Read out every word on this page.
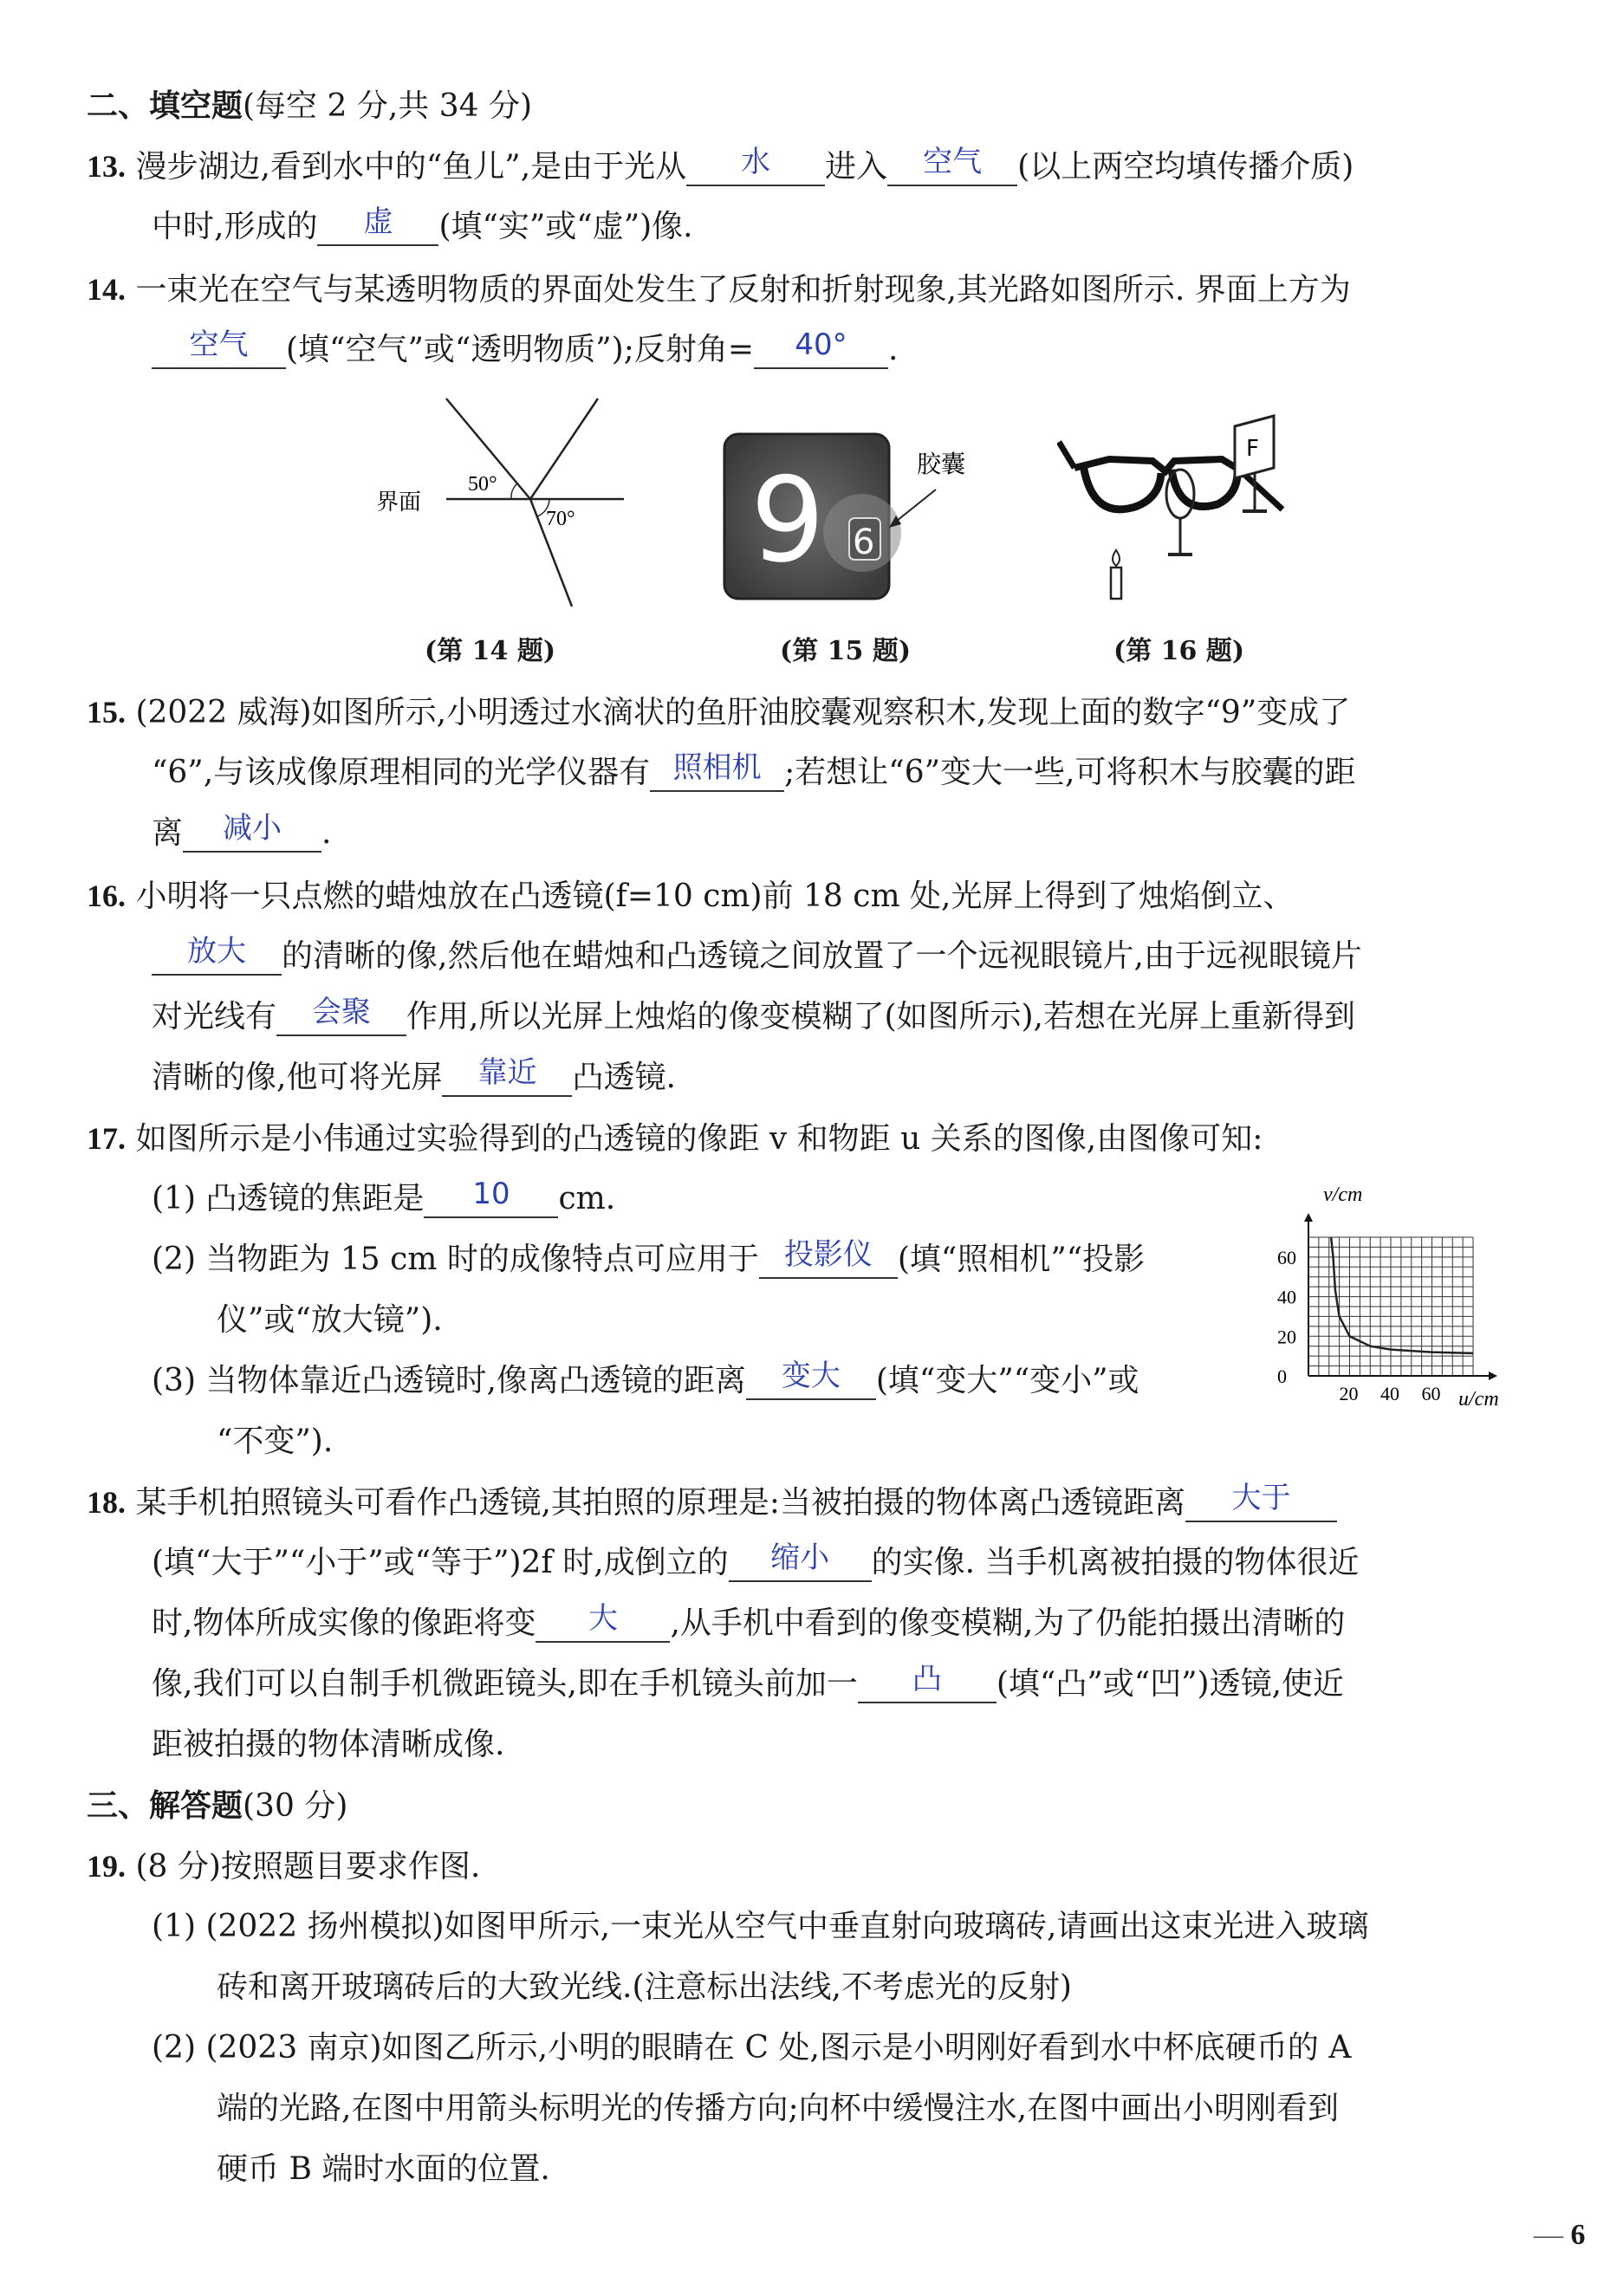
二、填空题(每空 2 分,共 34 分)
13. 漫步湖边,看到水中的“鱼儿”,是由于光从 水 进入 空气 (以上两空均填传播介质)
中时,形成的 虚 (填“实”或“虚”)像.
14. 一束光在空气与某透明物质的界面处发生了反射和折射现象,其光路如图所示. 界面上方为
空气 (填“空气”或“透明物质”);反射角= 40° .
界面
50°
70°
(第 14 题)
9 6
胶囊
(第 15 题)
F
(第 16 题)
15. (2022 威海)如图所示,小明透过水滴状的鱼肝油胶囊观察积木,发现上面的数字“9”变成了
“6”,与该成像原理相同的光学仪器有 照相机 ;若想让“6”变大一些,可将积木与胶囊的距
离 减小 .
16. 小明将一只点燃的蜡烛放在凸透镜(f=10 cm)前 18 cm 处,光屏上得到了烛焰倒立、
放大 的清晰的像,然后他在蜡烛和凸透镜之间放置了一个远视眼镜片,由于远视眼镜片
对光线有 会聚 作用,所以光屏上烛焰的像变模糊了(如图所示),若想在光屏上重新得到
清晰的像,他可将光屏 靠近 凸透镜.
17. 如图所示是小伟通过实验得到的凸透镜的像距 v 和物距 u 关系的图像,由图像可知:
(1) 凸透镜的焦距是 10 cm.
(2) 当物距为 15 cm 时的成像特点可应用于 投影仪 (填“照相机”“投影
仪”或“放大镜”).
(3) 当物体靠近凸透镜时,像离凸透镜的距离 变大 (填“变大”“变小”或
“不变”).
20 40 60
0
20
40
60
v/cm
u/cm
18. 某手机拍照镜头可看作凸透镜,其拍照的原理是:当被拍摄的物体离凸透镜距离 大于
(填“大于”“小于”或“等于”)2f 时,成倒立的 缩小 的实像. 当手机离被拍摄的物体很近
时,物体所成实像的像距将变 大 ,从手机中看到的像变模糊,为了仍能拍摄出清晰的
像,我们可以自制手机微距镜头,即在手机镜头前加一 凸 (填“凸”或“凹”)透镜,使近
距被拍摄的物体清晰成像.
三、解答题(30 分)
19. (8 分)按照题目要求作图.
(1) (2022 扬州模拟)如图甲所示,一束光从空气中垂直射向玻璃砖,请画出这束光进入玻璃
砖和离开玻璃砖后的大致光线.(注意标出法线,不考虑光的反射)
(2) (2023 南京)如图乙所示,小明的眼睛在 C 处,图示是小明刚好看到水中杯底硬币的 A
端的光路,在图中用箭头标明光的传播方向;向杯中缓慢注水,在图中画出小明刚看到
硬币 B 端时水面的位置.
— 6
